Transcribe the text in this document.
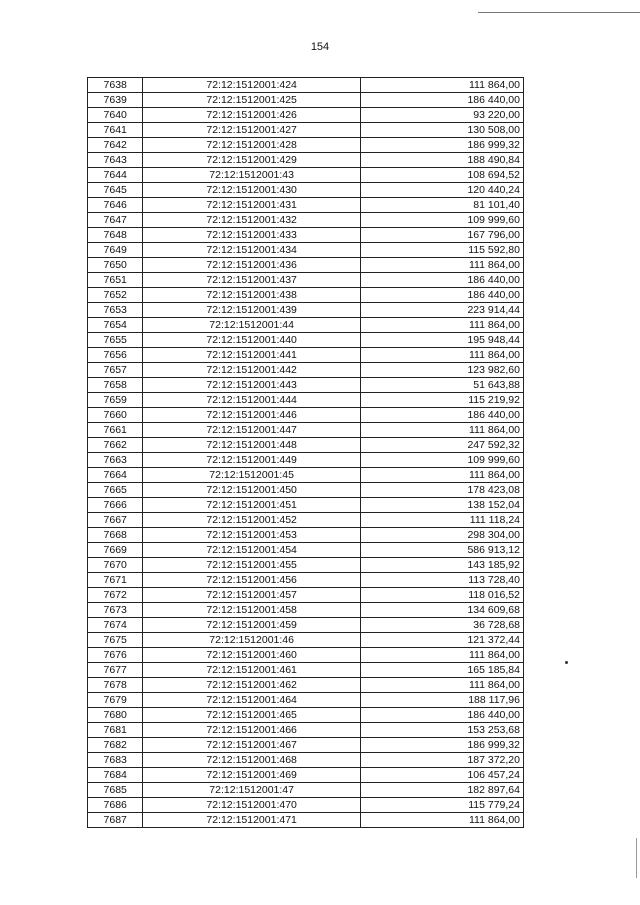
154
7638	72:12:1512001:424	111 864,00
7639	72:12:1512001:425	186 440,00
7640	72:12:1512001:426	93 220,00
7641	72:12:1512001:427	130 508,00
7642	72:12:1512001:428	186 999,32
7643	72:12:1512001:429	188 490,84
7644	72:12:1512001:43	108 694,52
7645	72:12:1512001:430	120 440,24
7646	72:12:1512001:431	81 101,40
7647	72:12:1512001:432	109 999,60
7648	72:12:1512001:433	167 796,00
7649	72:12:1512001:434	115 592,80
7650	72:12:1512001:436	111 864,00
7651	72:12:1512001:437	186 440,00
7652	72:12:1512001:438	186 440,00
7653	72:12:1512001:439	223 914,44
7654	72:12:1512001:44	111 864,00
7655	72:12:1512001:440	195 948,44
7656	72:12:1512001:441	111 864,00
7657	72:12:1512001:442	123 982,60
7658	72:12:1512001:443	51 643,88
7659	72:12:1512001:444	115 219,92
7660	72:12:1512001:446	186 440,00
7661	72:12:1512001:447	111 864,00
7662	72:12:1512001:448	247 592,32
7663	72:12:1512001:449	109 999,60
7664	72:12:1512001:45	111 864,00
7665	72:12:1512001:450	178 423,08
7666	72:12:1512001:451	138 152,04
7667	72:12:1512001:452	111 118,24
7668	72:12:1512001:453	298 304,00
7669	72:12:1512001:454	586 913,12
7670	72:12:1512001:455	143 185,92
7671	72:12:1512001:456	113 728,40
7672	72:12:1512001:457	118 016,52
7673	72:12:1512001:458	134 609,68
7674	72:12:1512001:459	36 728,68
7675	72:12:1512001:46	121 372,44
7676	72:12:1512001:460	111 864,00
7677	72:12:1512001:461	165 185,84
7678	72:12:1512001:462	111 864,00
7679	72:12:1512001:464	188 117,96
7680	72:12:1512001:465	186 440,00
7681	72:12:1512001:466	153 253,68
7682	72:12:1512001:467	186 999,32
7683	72:12:1512001:468	187 372,20
7684	72:12:1512001:469	106 457,24
7685	72:12:1512001:47	182 897,64
7686	72:12:1512001:470	115 779,24
7687	72:12:1512001:471	111 864,00
